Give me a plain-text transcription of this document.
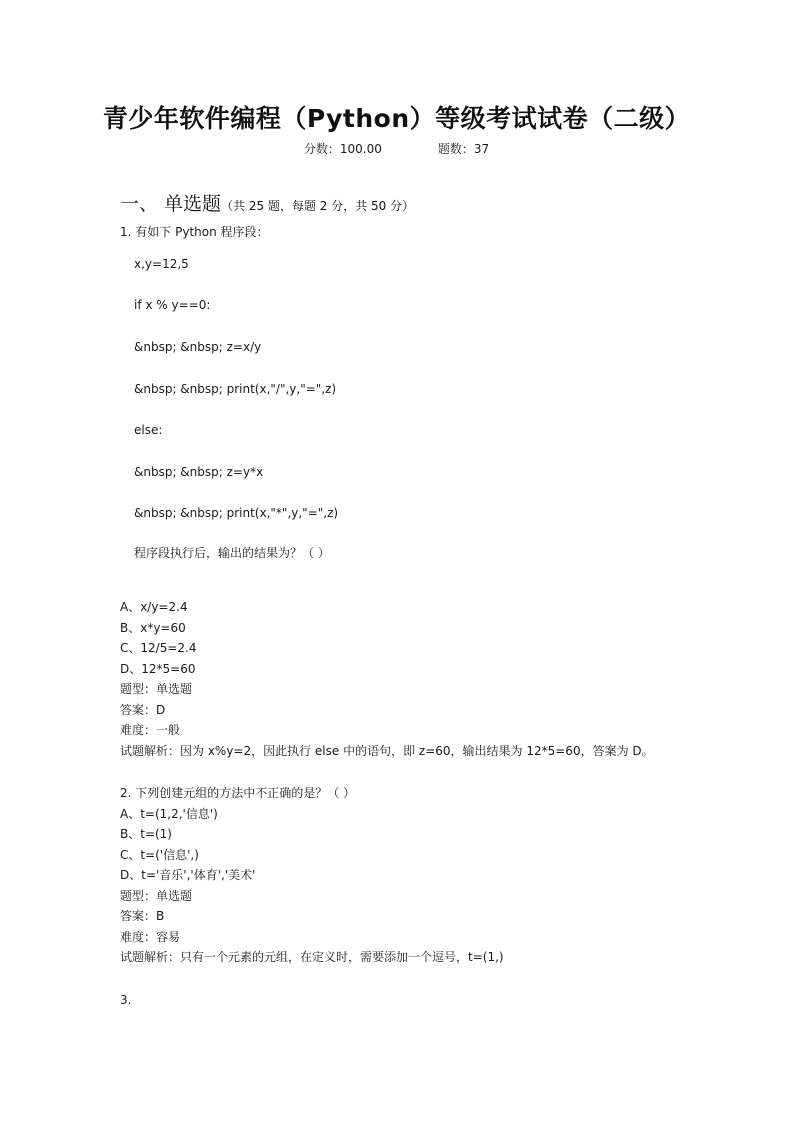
青少年软件编程（Python）等级考试试卷（二级）
分数：100.00	题数：37
一、 单选题（共 25 题，每题 2 分，共 50 分）
1. 有如下 Python 程序段：
x,y=12,5
if x % y==0:
&nbsp; &nbsp; z=x/y
&nbsp; &nbsp; print(x,"/",y,"=",z)
else:
&nbsp; &nbsp; z=y*x
&nbsp; &nbsp; print(x,"*",y,"=",z)
程序段执行后，输出的结果为？（ ）
A、x/y=2.4
B、x*y=60
C、12/5=2.4
D、12*5=60
题型：单选题
答案：D
难度：一般
试题解析：因为 x%y=2，因此执行 else 中的语句，即 z=60，输出结果为 12*5=60，答案为 D。
2. 下列创建元组的方法中不正确的是？（ ）
A、t=(1,2,'信息')
B、t=(1)
C、t=('信息',)
D、t='音乐','体育','美术'
题型：单选题
答案：B
难度：容易
试题解析：只有一个元素的元组，在定义时，需要添加一个逗号，t=(1,)
3.
